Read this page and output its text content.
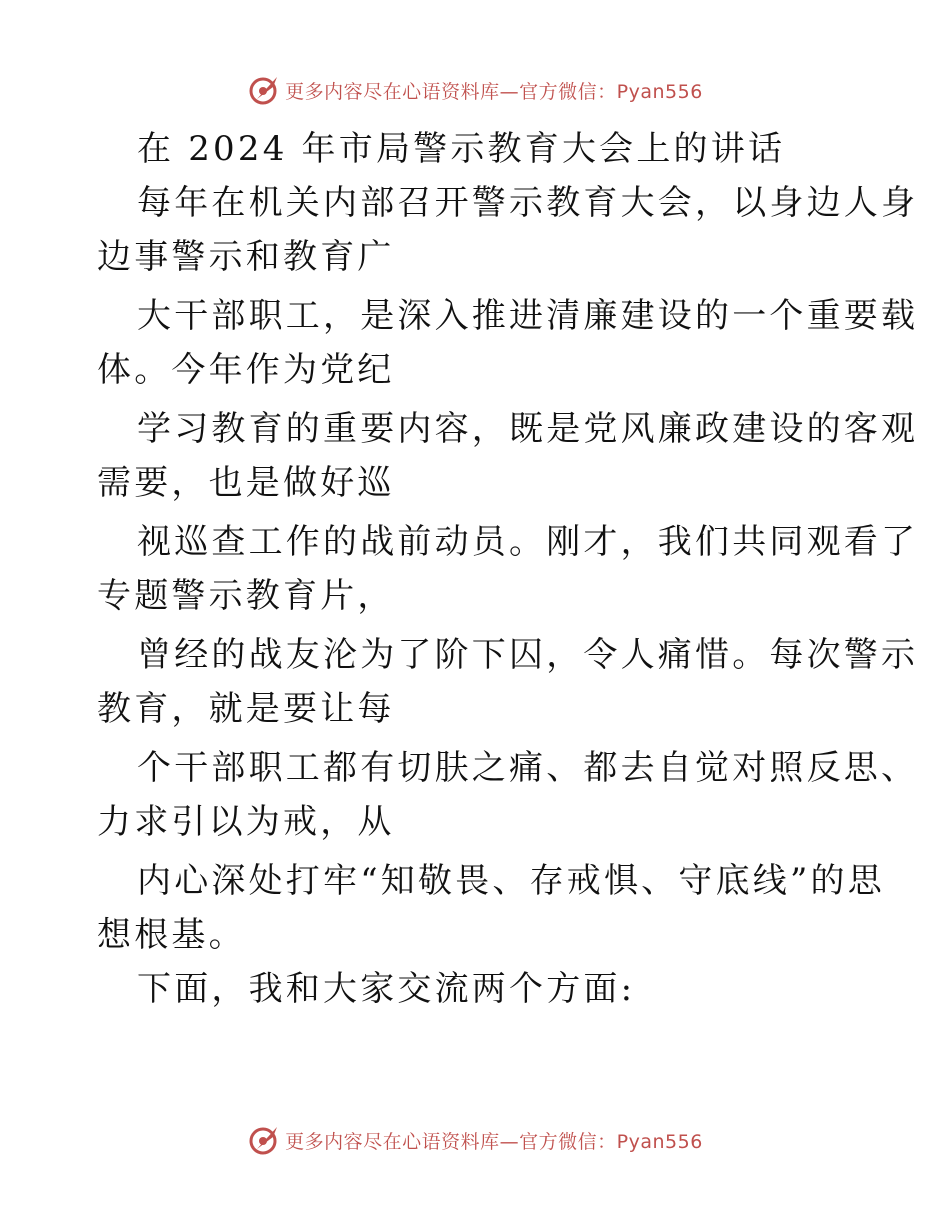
更多内容尽在心语资料库—官方微信：Pyan556
在 2024 年市局警示教育大会上的讲话
每年在机关内部召开警示教育大会，以身边人身
边事警示和教育广
大干部职工，是深入推进清廉建设的一个重要载
体。今年作为党纪
学习教育的重要内容，既是党风廉政建设的客观
需要，也是做好巡
视巡查工作的战前动员。刚才，我们共同观看了
专题警示教育片，
曾经的战友沦为了阶下囚，令人痛惜。每次警示
教育，就是要让每
个干部职工都有切肤之痛、都去自觉对照反思、
力求引以为戒，从
内心深处打牢“知敬畏、存戒惧、守底线”的思
想根基。
下面，我和大家交流两个方面:
更多内容尽在心语资料库—官方微信：Pyan556
